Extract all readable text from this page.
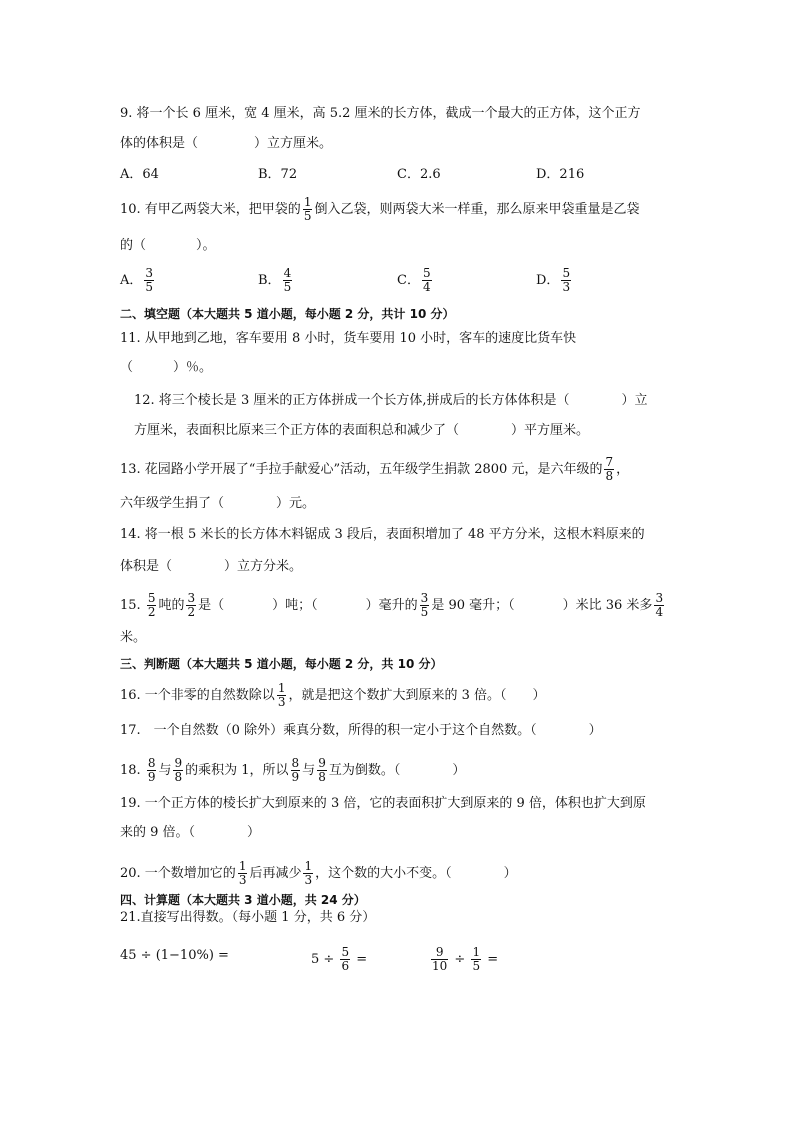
9. 将一个长 6 厘米，宽 4 厘米，高 5.2 厘米的长方体，截成一个最大的正方体，这个正方
体的体积是（	）立方厘米。
A．64	B．72	C．2.6	D．216
10. 有甲乙两袋大米，把甲袋的 $\frac{1}{5}$ 倒入乙袋，则两袋大米一样重，那么原来甲袋重量是乙袋
的（	）。
A． $\frac{3}{5}$	B． $\frac{4}{5}$	C． $\frac{5}{4}$	D． $\frac{5}{3}$
二、填空题（本大题共 5 道小题，每小题 2 分，共计 10 分）
11. 从甲地到乙地，客车要用 8 小时，货车要用 10 小时，客车的速度比货车快
（	）％。
12. 将三个棱长是 3 厘米的正方体拼成一个长方体,拼成后的长方体体积是（	）立
方厘米，表面积比原来三个正方体的表面积总和减少了（	）平方厘米。
13. 花园路小学开展了“手拉手献爱心”活动，五年级学生捐款 2800 元，是六年级的 $\frac{7}{8}$ ，
六年级学生捐了（	）元。
14. 将一根 5 米长的长方体木料锯成 3 段后，表面积增加了 48 平方分米，这根木料原来的
体积是（	）立方分米。
15. $\frac{5}{2}$ 吨的 $\frac{3}{2}$ 是（	）吨；（	）毫升的 $\frac{3}{5}$ 是 90 毫升；（	）米比 36 米多 $\frac{3}{4}$
米。
三、判断题（本大题共 5 道小题，每小题 2 分，共 10 分）
16. 一个非零的自然数除以 $\frac{1}{3}$ ，就是把这个数扩大到原来的 3 倍。（　　）
17.　一个自然数（0 除外）乘真分数，所得的积一定小于这个自然数。（　　　　）
18. $\frac{8}{9}$ 与 $\frac{9}{8}$ 的乘积为 1，所以 $\frac{8}{9}$ 与 $\frac{9}{8}$ 互为倒数。（　　　　）
19. 一个正方体的棱长扩大到原来的 3 倍，它的表面积扩大到原来的 9 倍，体积也扩大到原
来的 9 倍。（　　　　）
20. 一个数增加它的 $\frac{1}{3}$ 后再减少 $\frac{1}{3}$ ，这个数的大小不变。（　　　　）
四、计算题（本大题共 3 道小题，共 24 分）
21.直接写出得数。（每小题 1 分，共 6 分）
45 ÷ (1−10%) =	$5 \div \frac{5}{6}$ =	$\frac{9}{10} \div \frac{1}{5}$ =
